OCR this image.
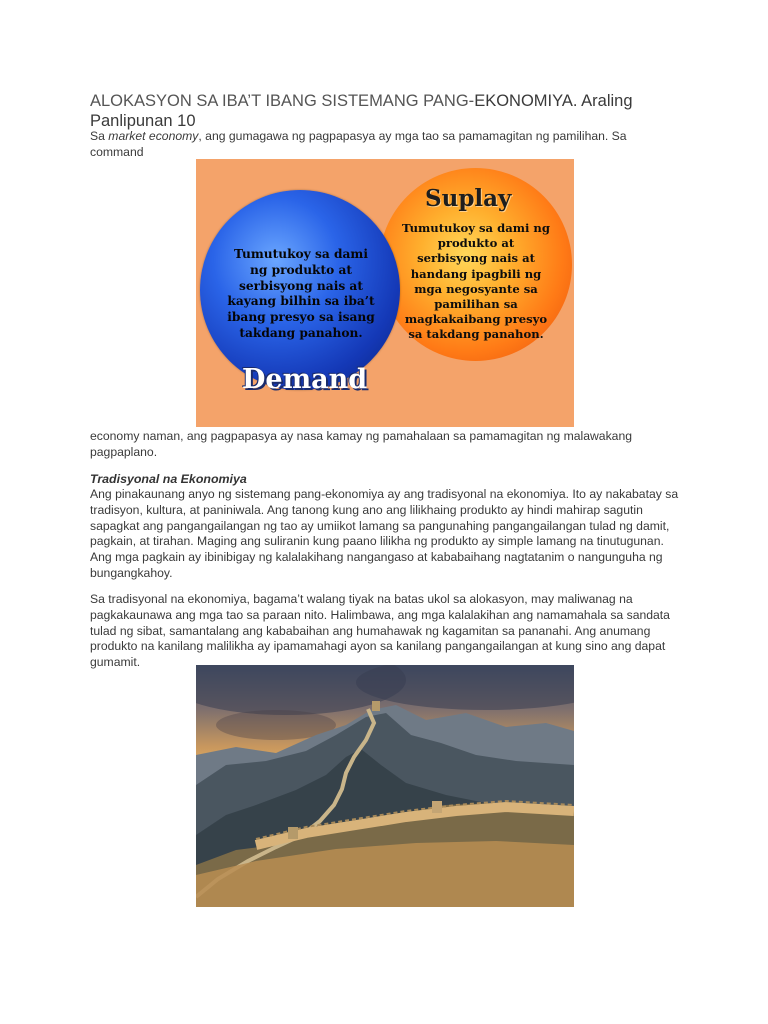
ALOKASYON SA IBA’T IBANG SISTEMANG PANG-EKONOMIYA. Araling
Panlipunan 10

Sa market economy, ang gumagawa ng pagpapasya ay mga tao sa pamamagitan ng pamilihan. Sa
command

Suplay
Tumutukoy sa dami ng produkto at serbisyong nais at handang ipagbili ng mga negosyante sa pamilihan sa magkakaibang presyo sa takdang panahon.
Tumutukoy sa dami ng produkto at serbisyong nais at kayang bilhin sa iba’t ibang presyo sa isang takdang panahon.
Demand

economy naman, ang pagpapasya ay nasa kamay ng pamahalaan sa pamamagitan ng malawakang pagpaplano.

Tradisyonal na Ekonomiya

Ang pinakaunang anyo ng sistemang pang-ekonomiya ay ang tradisyonal na ekonomiya. Ito ay nakabatay sa tradisyon, kultura, at paniniwala. Ang tanong kung ano ang lilikhaing produkto ay hindi mahirap sagutin sapagkat ang pangangailangan ng tao ay umiikot lamang sa pangunahing pangangailangan tulad ng damit, pagkain, at tirahan. Maging ang suliranin kung paano lilikha ng produkto ay simple lamang na tinutugunan. Ang mga pagkain ay ibinibigay ng kalalakihang nangangaso at kababaihang nagtatanim o nangunguha ng bungangkahoy.

Sa tradisyonal na ekonomiya, bagama’t walang tiyak na batas ukol sa alokasyon, may maliwanag na pagkakaunawa ang mga tao sa paraan nito. Halimbawa, ang mga kalalakihan ang namamahala sa sandata tulad ng sibat, samantalang ang kababaihan ang humahawak ng kagamitan sa pananahi. Ang anumang produkto na kanilang malilikha ay ipamamahagi ayon sa kanilang pangangailangan at kung sino ang dapat gumamit.
